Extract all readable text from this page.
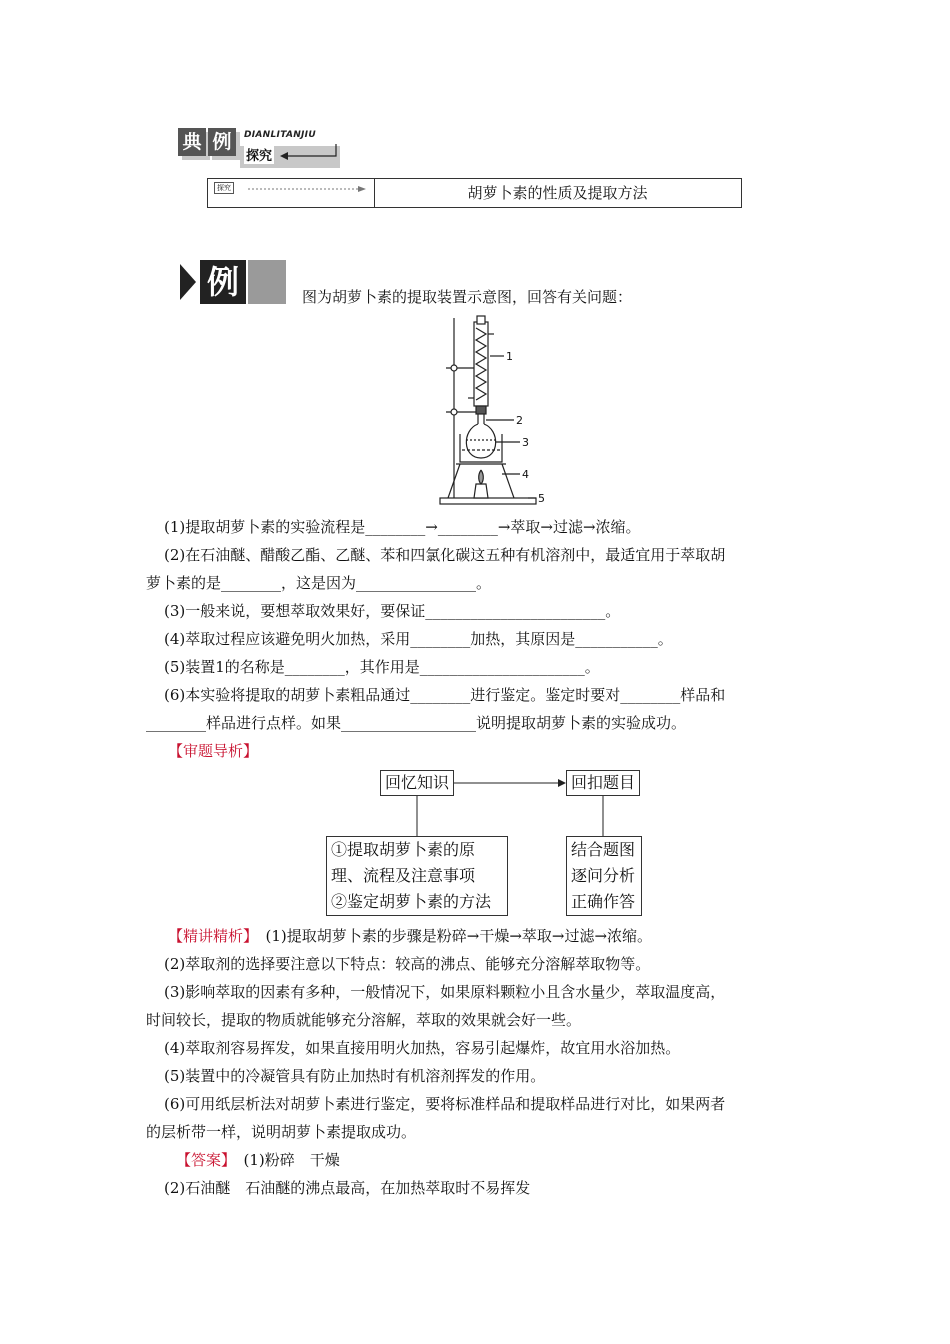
典 例	DIANLITANJIU
探究
探究	胡萝卜素的性质及提取方法
例	图为胡萝卜素的提取装置示意图，回答有关问题：
1
2
3
4
5
(1)提取胡萝卜素的实验流程是________→________→萃取→过滤→浓缩。
(2)在石油醚、醋酸乙酯、乙醚、苯和四氯化碳这五种有机溶剂中，最适宜用于萃取胡
萝卜素的是________，这是因为________________。
(3)一般来说，要想萃取效果好，要保证________________________。
(4)萃取过程应该避免明火加热，采用________加热，其原因是___________。
(5)装置1的名称是________，其作用是______________________。
(6)本实验将提取的胡萝卜素粗品通过________进行鉴定。鉴定时要对________样品和
________样品进行点样。如果__________________说明提取胡萝卜素的实验成功。
【审题导析】
回忆知识	回扣题目
①提取胡萝卜素的原
理、流程及注意事项
②鉴定胡萝卜素的方法
结合题图
逐问分析
正确作答
【精讲精析】　(1)提取胡萝卜素的步骤是粉碎→干燥→萃取→过滤→浓缩。
(2)萃取剂的选择要注意以下特点：较高的沸点、能够充分溶解萃取物等。
(3)影响萃取的因素有多种，一般情况下，如果原料颗粒小且含水量少，萃取温度高，
时间较长，提取的物质就能够充分溶解，萃取的效果就会好一些。
(4)萃取剂容易挥发，如果直接用明火加热，容易引起爆炸，故宜用水浴加热。
(5)装置中的冷凝管具有防止加热时有机溶剂挥发的作用。
(6)可用纸层析法对胡萝卜素进行鉴定，要将标准样品和提取样品进行对比，如果两者
的层析带一样，说明胡萝卜素提取成功。
【答案】　(1)粉碎　干燥
(2)石油醚　石油醚的沸点最高，在加热萃取时不易挥发
